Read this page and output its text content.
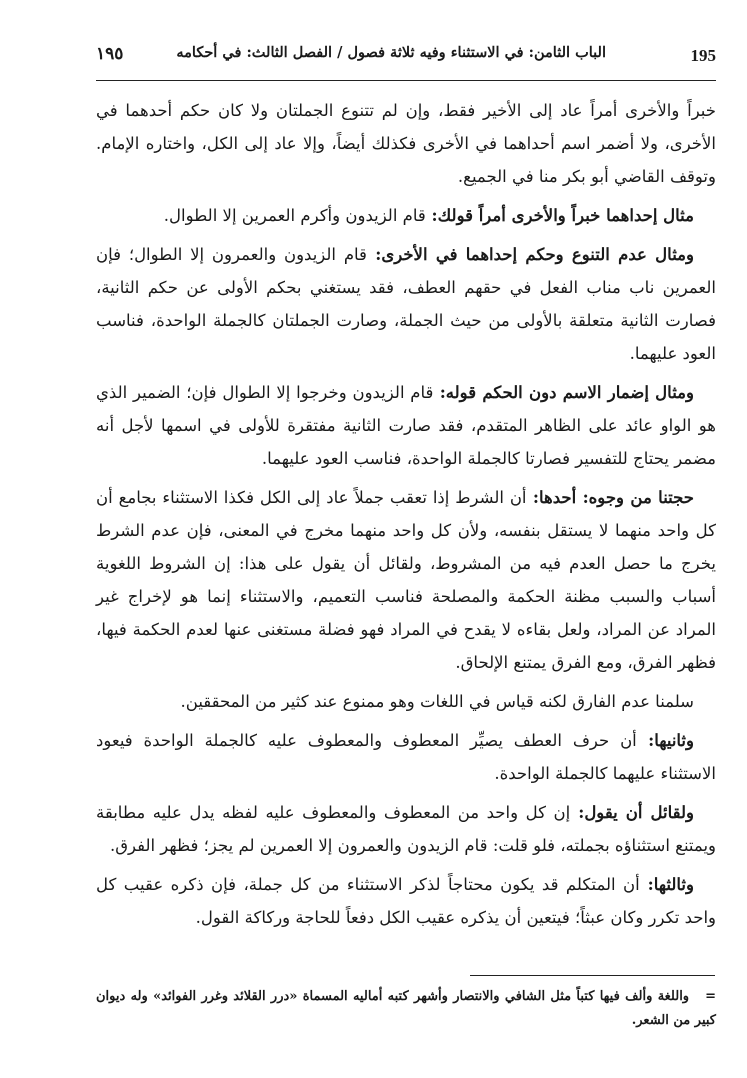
195
الباب الثامن: في الاستثناء وفيه ثلاثة فصول / الفصل الثالث: في أحكامه
١٩٥

خبراً والأخرى أمراً عاد إلى الأخير فقط، وإن لم تتنوع الجملتان ولا كان حكم أحدهما في الأخرى، ولا أضمر اسم أحداهما في الأخرى فكذلك أيضاً، وإلا عاد إلى الكل، واختاره الإمام. وتوقف القاضي أبو بكر منا في الجميع.

مثال إحداهما خبراً والأخرى أمراً قولك: قام الزيدون وأكرم العمرين إلا الطوال.

ومثال عدم التنوع وحكم إحداهما في الأخرى: قام الزيدون والعمرون إلا الطوال؛ فإن العمرين ناب مناب الفعل في حقهم العطف، فقد يستغني بحكم الأولى عن حكم الثانية، فصارت الثانية متعلقة بالأولى من حيث الجملة، وصارت الجملتان كالجملة الواحدة، فناسب العود عليهما.

ومثال إضمار الاسم دون الحكم قوله: قام الزيدون وخرجوا إلا الطوال فإن؛ الضمير الذي هو الواو عائد على الظاهر المتقدم، فقد صارت الثانية مفتقرة للأولى في اسمها لأجل أنه مضمر يحتاج للتفسير فصارتا كالجملة الواحدة، فناسب العود عليهما.

حجتنا من وجوه: أحدها: أن الشرط إذا تعقب جملاً عاد إلى الكل فكذا الاستثناء بجامع أن كل واحد منهما لا يستقل بنفسه، ولأن كل واحد منهما مخرج في المعنى، فإن عدم الشرط يخرج ما حصل العدم فيه من المشروط، ولقائل أن يقول على هذا: إن الشروط اللغوية أسباب والسبب مظنة الحكمة والمصلحة فناسب التعميم، والاستثناء إنما هو لإخراج غير المراد عن المراد، ولعل بقاءه لا يقدح في المراد فهو فضلة مستغنى عنها لعدم الحكمة فيها، فظهر الفرق، ومع الفرق يمتنع الإلحاق.

سلمنا عدم الفارق لكنه قياس في اللغات وهو ممنوع عند كثير من المحققين.

وثانيها: أن حرف العطف يصيِّر المعطوف والمعطوف عليه كالجملة الواحدة فيعود الاستثناء عليهما كالجملة الواحدة.

ولقائل أن يقول: إن كل واحد من المعطوف والمعطوف عليه لفظه يدل عليه مطابقة ويمتنع استثناؤه بجملته، فلو قلت: قام الزيدون والعمرون إلا العمرين لم يجز؛ فظهر الفرق.

وثالثها: أن المتكلم قد يكون محتاجاً لذكر الاستثناء من كل جملة، فإن ذكره عقيب كل واحد تكرر وكان عبثاً؛ فيتعين أن يذكره عقيب الكل دفعاً للحاجة وركاكة القول.

=واللغة وألف فيها كتباً مثل الشافي والانتصار وأشهر كتبه أماليه المسماة «درر القلائد وغرر الفوائد» وله ديوان كبير من الشعر.
